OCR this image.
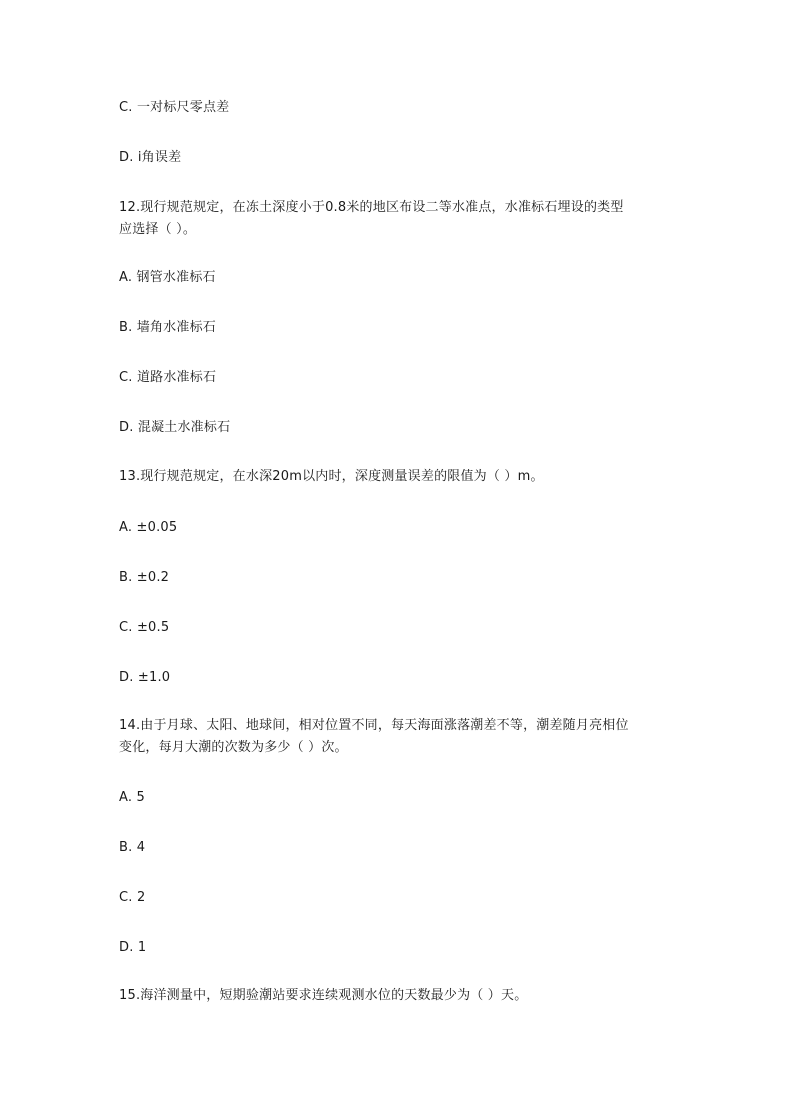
C. 一对标尺零点差
D. i角误差
12.现行规范规定，在冻土深度小于0.8米的地区布设二等水准点，水准标石埋设的类型
应选择（ ）。
A. 钢管水准标石
B. 墙角水准标石
C. 道路水准标石
D. 混凝土水准标石
13.现行规范规定，在水深20m以内时，深度测量误差的限值为（ ）m。
A. ±0.05
B. ±0.2
C. ±0.5
D. ±1.0
14.由于月球、太阳、地球间，相对位置不同，每天海面涨落潮差不等，潮差随月亮相位
变化，每月大潮的次数为多少（ ）次。
A. 5
B. 4
C. 2
D. 1
15.海洋测量中，短期验潮站要求连续观测水位的天数最少为（ ）天。
